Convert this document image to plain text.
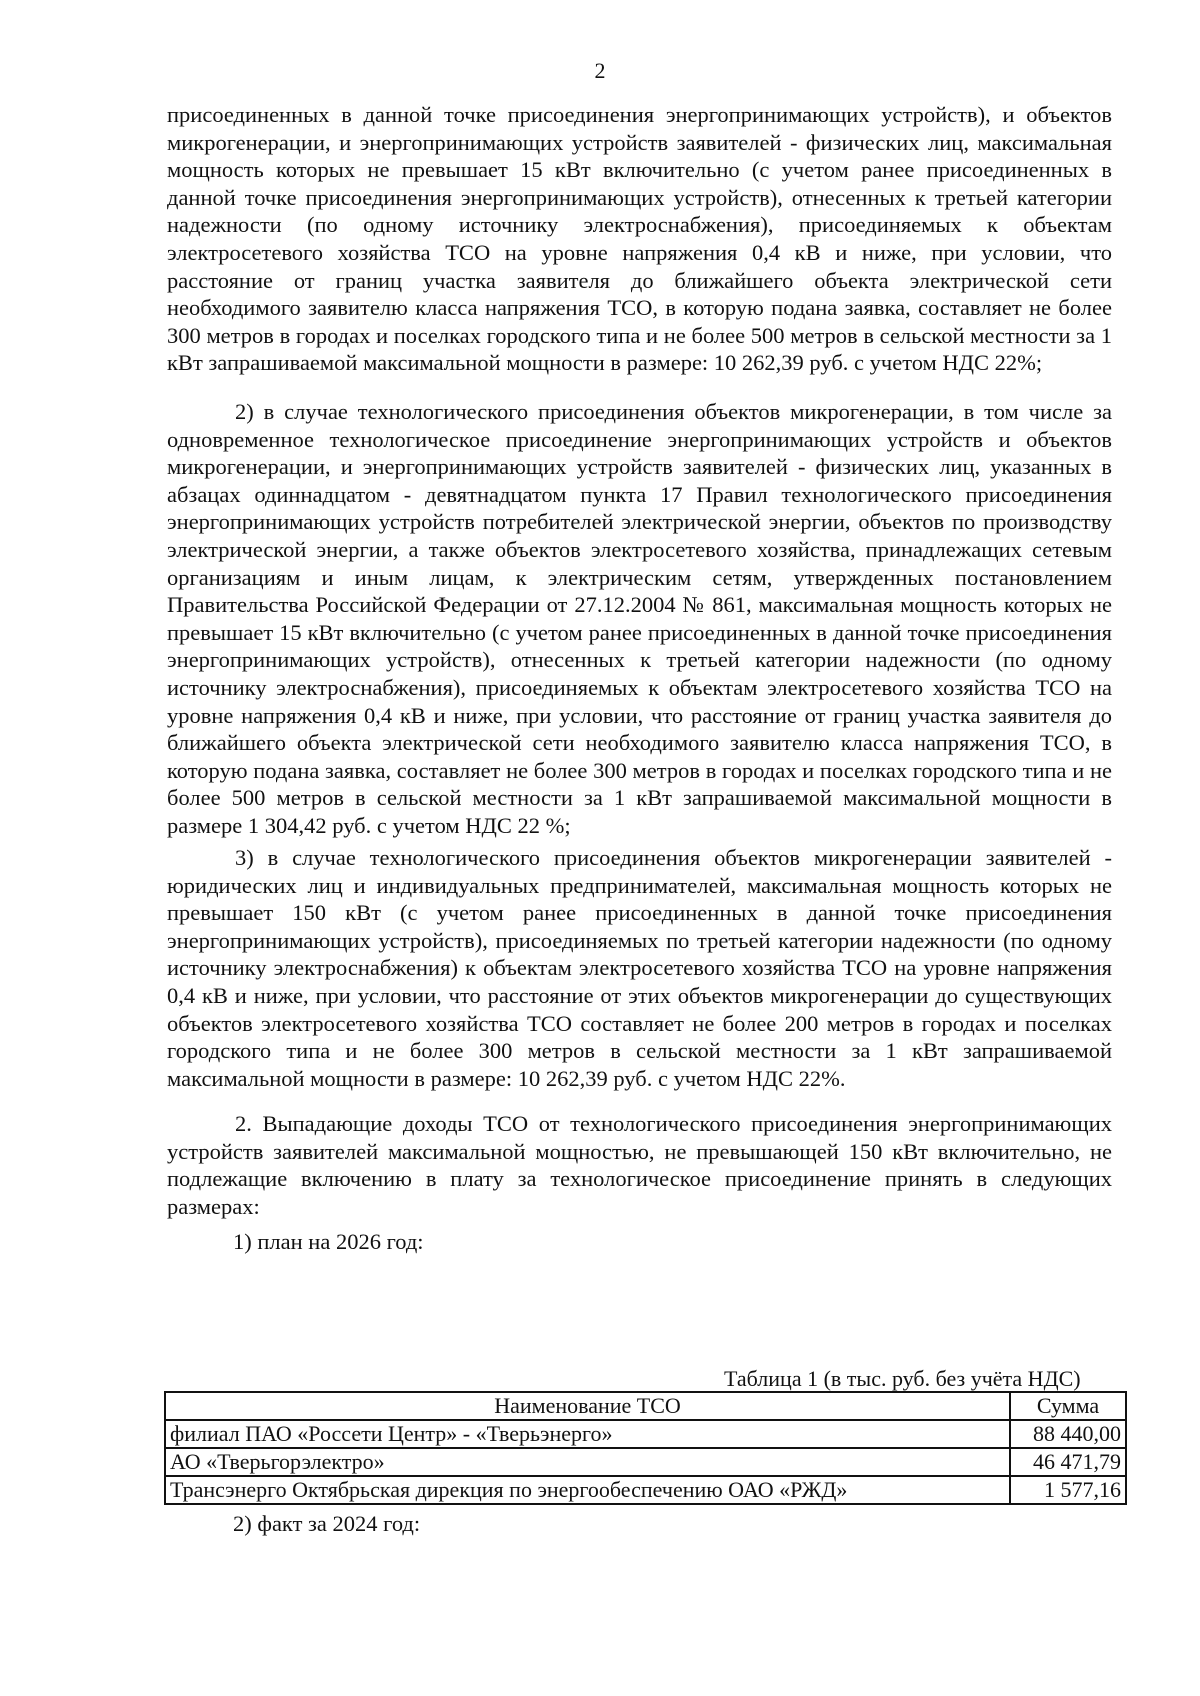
2

присоединенных в данной точке присоединения энергопринимающих устройств), и объектов микрогенерации, и энергопринимающих устройств заявителей - физических лиц, максимальная мощность которых не превышает 15 кВт включительно (с учетом ранее присоединенных в данной точке присоединения энергопринимающих устройств), отнесенных к третьей категории надежности (по одному источнику электроснабжения), присоединяемых к объектам электросетевого хозяйства ТСО на уровне напряжения 0,4 кВ и ниже, при условии, что расстояние от границ участка заявителя до ближайшего объекта электрической сети необходимого заявителю класса напряжения ТСО, в которую подана заявка, составляет не более 300 метров в городах и поселках городского типа и не более 500 метров в сельской местности за 1 кВт запрашиваемой максимальной мощности в размере: 10 262,39 руб. с учетом НДС 22%;

2) в случае технологического присоединения объектов микрогенерации, в том числе за одновременное технологическое присоединение энергопринимающих устройств и объектов микрогенерации, и энергопринимающих устройств заявителей - физических лиц, указанных в абзацах одиннадцатом - девятнадцатом пункта 17 Правил технологического присоединения энергопринимающих устройств потребителей электрической энергии, объектов по производству электрической энергии, а также объектов электросетевого хозяйства, принадлежащих сетевым организациям и иным лицам, к электрическим сетям, утвержденных постановлением Правительства Российской Федерации от 27.12.2004 № 861, максимальная мощность которых не превышает 15 кВт включительно (с учетом ранее присоединенных в данной точке присоединения энергопринимающих устройств), отнесенных к третьей категории надежности (по одному источнику электроснабжения), присоединяемых к объектам электросетевого хозяйства ТСО на уровне напряжения 0,4 кВ и ниже, при условии, что расстояние от границ участка заявителя до ближайшего объекта электрической сети необходимого заявителю класса напряжения ТСО, в которую подана заявка, составляет не более 300 метров в городах и поселках городского типа и не более 500 метров в сельской местности за 1 кВт запрашиваемой максимальной мощности в размере 1 304,42 руб. с учетом НДС 22 %;

3) в случае технологического присоединения объектов микрогенерации заявителей - юридических лиц и индивидуальных предпринимателей, максимальная мощность которых не превышает 150 кВт (с учетом ранее присоединенных в данной точке присоединения энергопринимающих устройств), присоединяемых по третьей категории надежности (по одному источнику электроснабжения) к объектам электросетевого хозяйства ТСО на уровне напряжения 0,4 кВ и ниже, при условии, что расстояние от этих объектов микрогенерации до существующих объектов электросетевого хозяйства ТСО составляет не более 200 метров в городах и поселках городского типа и не более 300 метров в сельской местности за 1 кВт запрашиваемой максимальной мощности в размере: 10 262,39 руб. с учетом НДС 22%.

2. Выпадающие доходы ТСО от технологического присоединения энергопринимающих устройств заявителей максимальной мощностью, не превышающей 150 кВт включительно, не подлежащие включению в плату за технологическое присоединение принять в следующих размерах:

1) план на 2026 год:
Таблица 1 (в тыс. руб. без учёта НДС)
Наименование ТСО	Сумма
филиал ПАО «Россети Центр» - «Тверьэнерго»	88 440,00
АО «Тверьгорэлектро»	46 471,79
Трансэнерго Октябрьская дирекция по энергообеспечению ОАО «РЖД»	1 577,16
2) факт за 2024 год:
